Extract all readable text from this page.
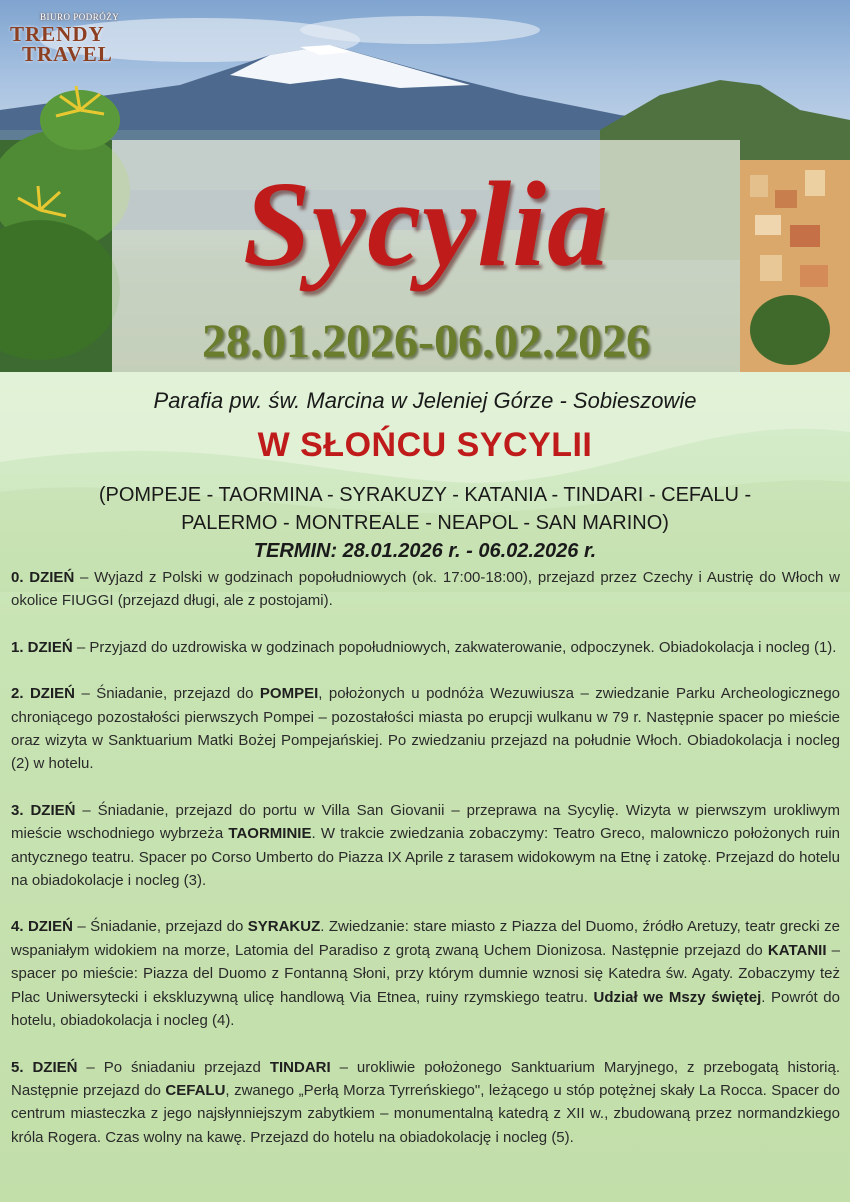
BIURO PODRÓŻY
TRENDY
TRAVEL
Sycylia
28.01.2026-06.02.2026
Parafia pw. św. Marcina w Jeleniej Górze - Sobieszowie
W SŁOŃCU SYCYLII
(POMPEJE - TAORMINA - SYRAKUZY - KATANIA - TINDARI - CEFALU -
PALERMO - MONTREALE - NEAPOL - SAN MARINO)
TERMIN: 28.01.2026 r. - 06.02.2026 r.

0. DZIEŃ – Wyjazd z Polski w godzinach popołudniowych (ok. 17:00-18:00), przejazd przez Czechy i Austrię do Włoch w okolice FIUGGI (przejazd długi, ale z postojami).

1. DZIEŃ – Przyjazd do uzdrowiska w godzinach popołudniowych, zakwaterowanie, odpoczynek. Obiadokolacja i nocleg (1).

2. DZIEŃ – Śniadanie, przejazd do POMPEI, położonych u podnóża Wezuwiusza – zwiedzanie Parku Archeologicznego chroniącego pozostałości pierwszych Pompei – pozostałości miasta po erupcji wulkanu w 79 r. Następnie spacer po mieście oraz wizyta w Sanktuarium Matki Bożej Pompejańskiej. Po zwiedzaniu przejazd na południe Włoch. Obiadokolacja i nocleg (2) w hotelu.

3. DZIEŃ – Śniadanie, przejazd do portu w Villa San Giovanii – przeprawa na Sycylię. Wizyta w pierwszym urokliwym mieście wschodniego wybrzeża TAORMINIE. W trakcie zwiedzania zobaczymy: Teatro Greco, malowniczo położonych ruin antycznego teatru. Spacer po Corso Umberto do Piazza IX Aprile z tarasem widokowym na Etnę i zatokę. Przejazd do hotelu na obiadokolacje i nocleg (3).

4. DZIEŃ – Śniadanie, przejazd do SYRAKUZ. Zwiedzanie: stare miasto z Piazza del Duomo, źródło Aretuzy, teatr grecki ze wspaniałym widokiem na morze, Latomia del Paradiso z grotą zwaną Uchem Dionizosa. Następnie przejazd do KATANII – spacer po mieście: Piazza del Duomo z Fontanną Słoni, przy którym dumnie wznosi się Katedra św. Agaty. Zobaczymy też Plac Uniwersytecki i ekskluzywną ulicę handlową Via Etnea, ruiny rzymskiego teatru. Udział we Mszy świętej. Powrót do hotelu, obiadokolacja i nocleg (4).

5. DZIEŃ – Po śniadaniu przejazd TINDARI – urokliwie położonego Sanktuarium Maryjnego, z przebogatą historią. Następnie przejazd do CEFALU, zwanego „Perłą Morza Tyrreńskiego", leżącego u stóp potężnej skały La Rocca. Spacer do centrum miasteczka z jego najsłynniejszym zabytkiem – monumentalną katedrą z XII w., zbudowaną przez normandzkiego króla Rogera. Czas wolny na kawę. Przejazd do hotelu na obiadokolację i nocleg (5).
